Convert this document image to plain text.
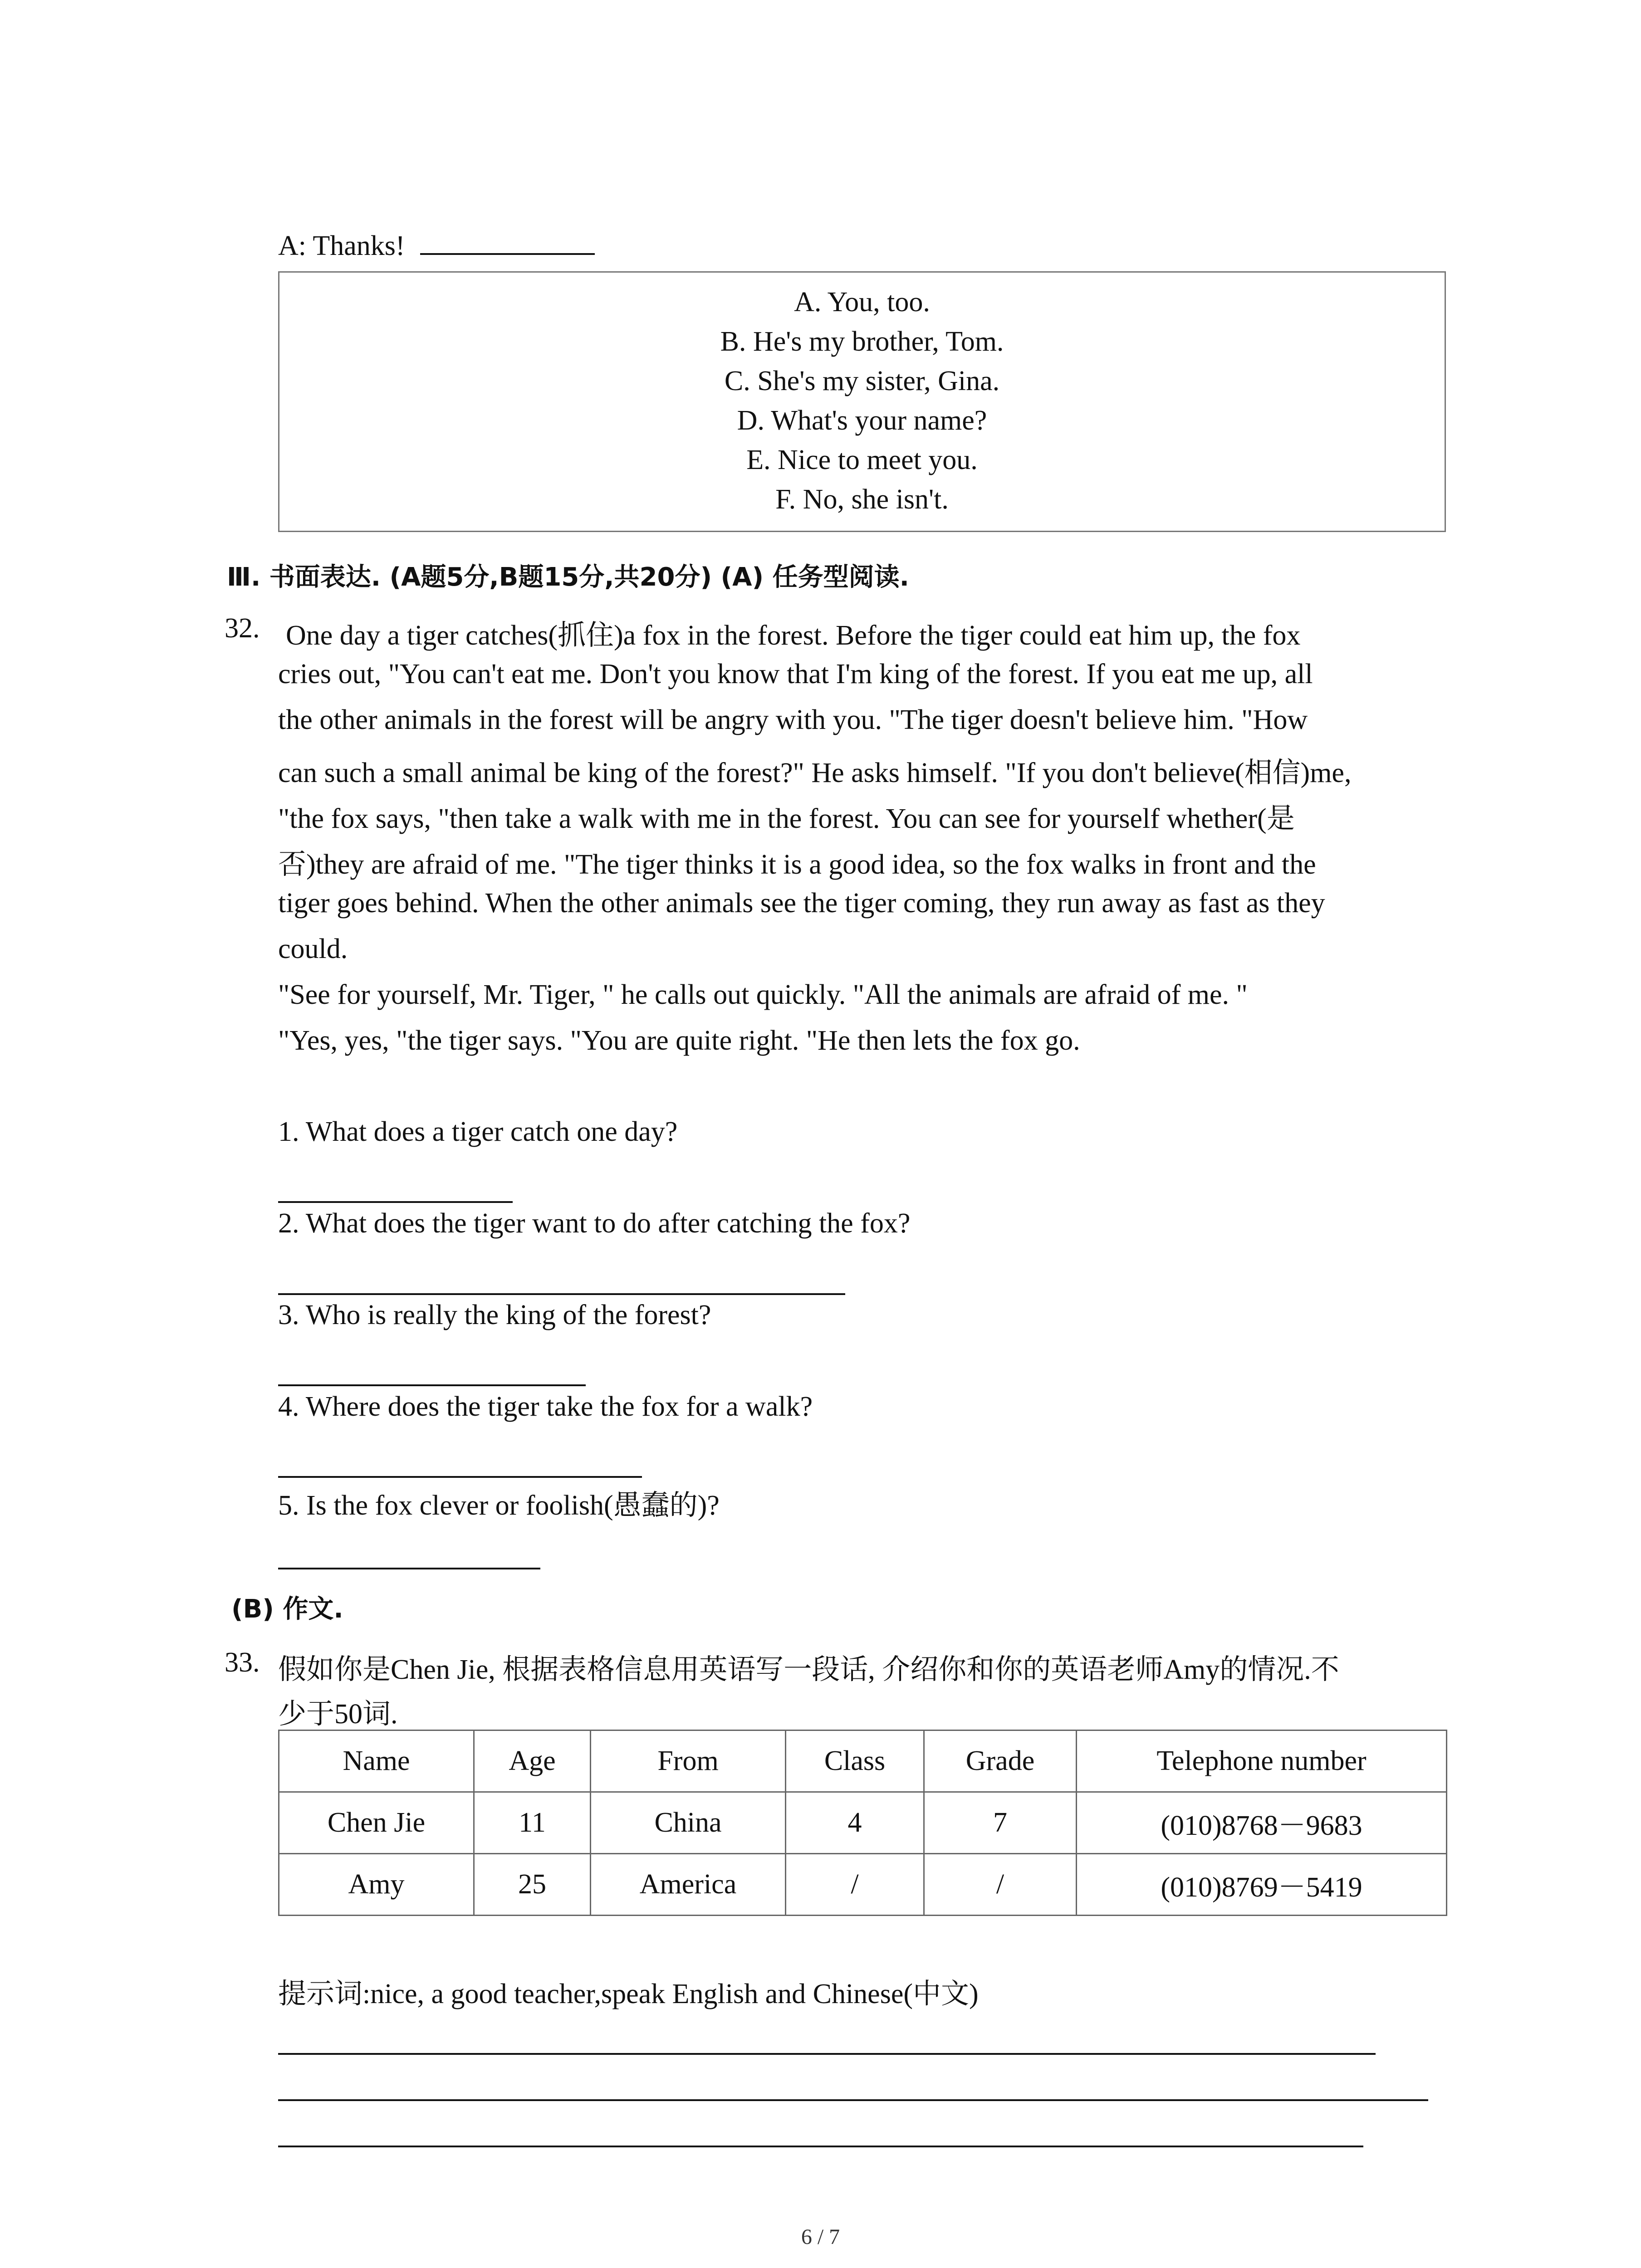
A: Thanks!
A. You, too.
B. He's my brother, Tom.
C. She's my sister, Gina.
D. What's your name?
E. Nice to meet you.
F. No, she isn't.
Ⅲ. 书面表达. (A题5分,B题15分,共20分) (A) 任务型阅读.
32. One day a tiger catches(抓住)a fox in the forest. Before the tiger could eat him up, the fox
cries out, "You can't eat me. Don't you know that I'm king of the forest. If you eat me up, all
the other animals in the forest will be angry with you. "The tiger doesn't believe him. "How
can such a small animal be king of the forest?" He asks himself. "If you don't believe(相信)me,
"the fox says, "then take a walk with me in the forest. You can see for yourself whether(是
否)they are afraid of me. "The tiger thinks it is a good idea, so the fox walks in front and the
tiger goes behind. When the other animals see the tiger coming, they run away as fast as they
could.
"See for yourself, Mr. Tiger, " he calls out quickly. "All the animals are afraid of me. "
"Yes, yes, "the tiger says. "You are quite right. "He then lets the fox go.
1. What does a tiger catch one day?
2. What does the tiger want to do after catching the fox?
3. Who is really the king of the forest?
4. Where does the tiger take the fox for a walk?
5. Is the fox clever or foolish(愚蠢的)?
(B) 作文.
33. 假如你是Chen Jie, 根据表格信息用英语写一段话, 介绍你和你的英语老师Amy的情况.不
少于50词.
Name	Age	From	Class	Grade	Telephone number
Chen Jie	11	China	4	7	(010)8768－9683
Amy	25	America	/	/	(010)8769－5419
提示词:nice, a good teacher,speak English and Chinese(中文)
6 / 7
